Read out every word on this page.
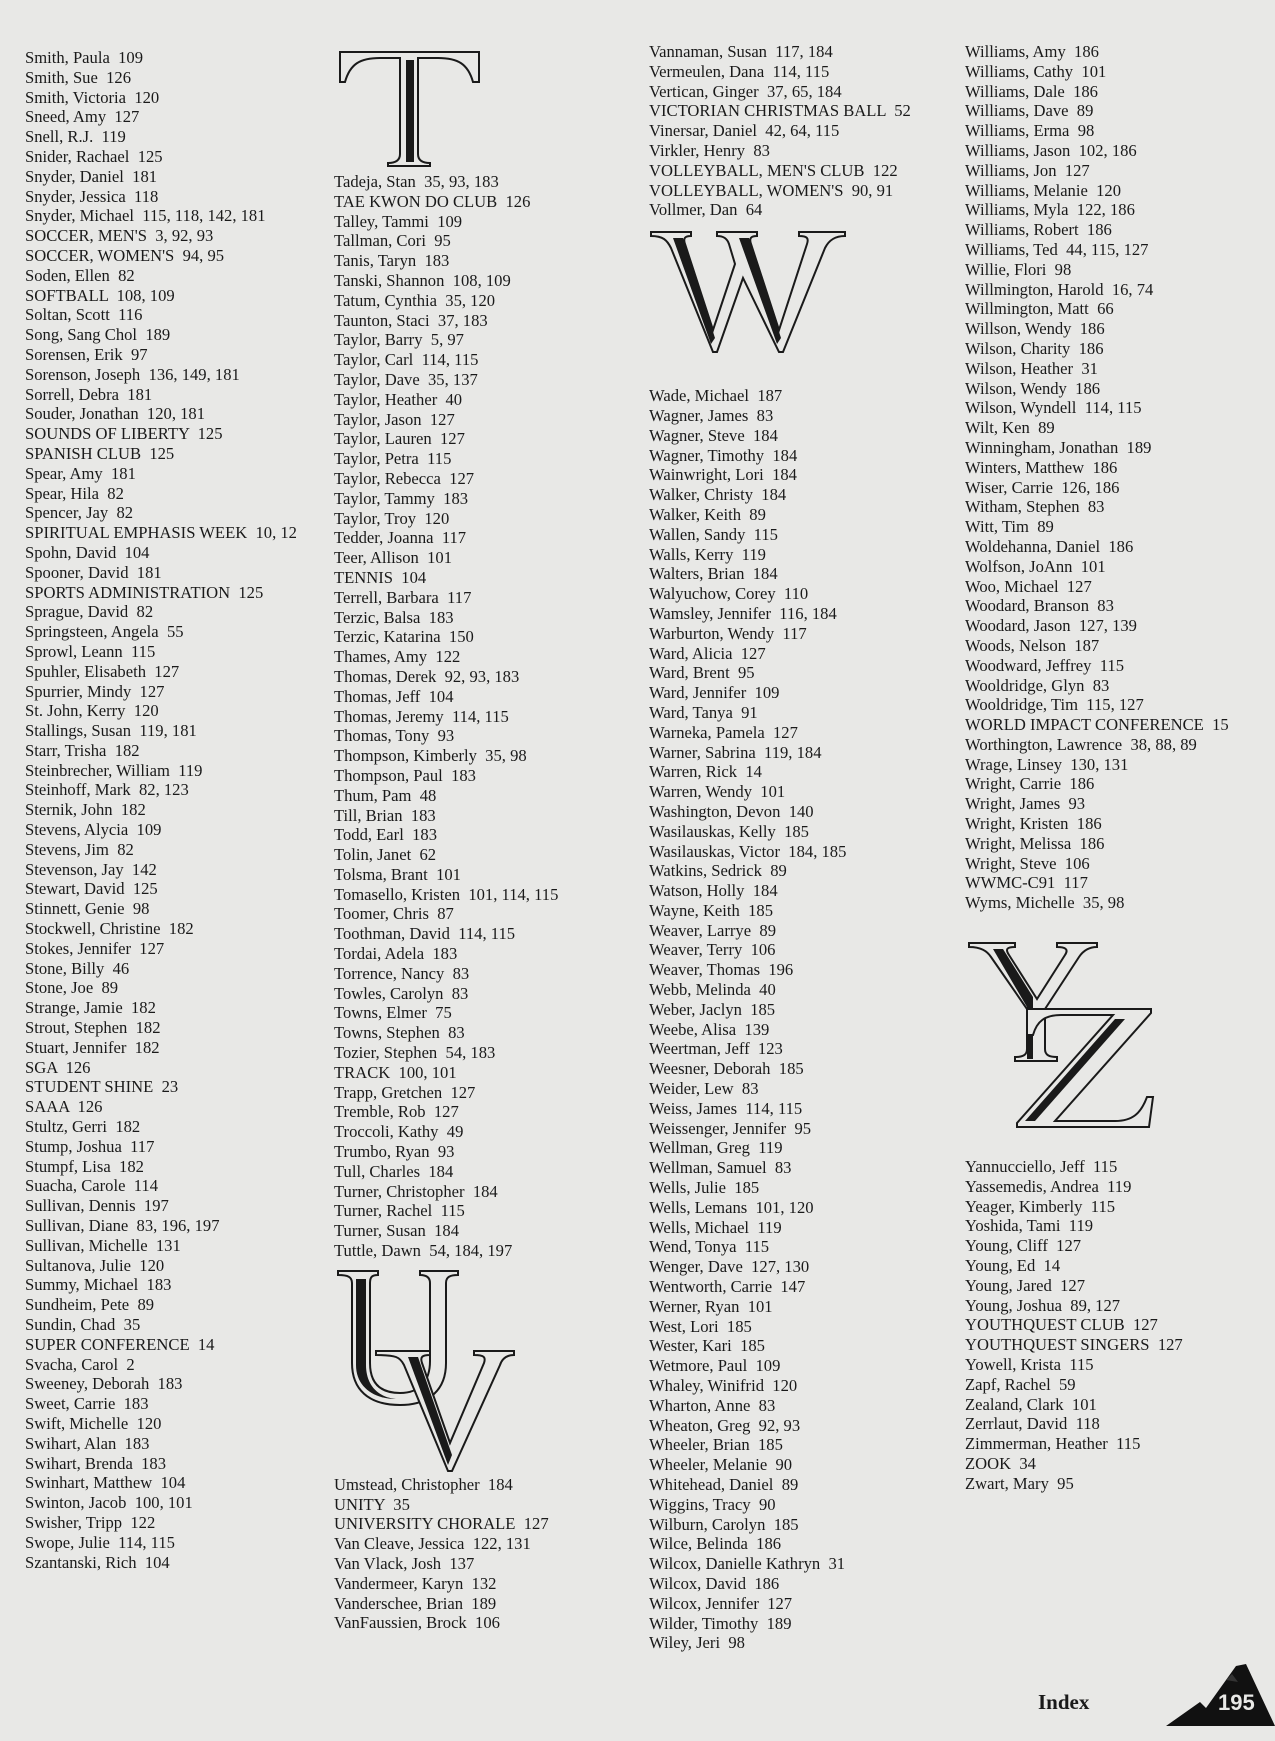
Smith, Paula  109
Smith, Sue  126
Smith, Victoria  120
Sneed, Amy  127
Snell, R.J.  119
Snider, Rachael  125
Snyder, Daniel  181
Snyder, Jessica  118
Snyder, Michael  115, 118, 142, 181
SOCCER, MEN'S  3, 92, 93
SOCCER, WOMEN'S  94, 95
Soden, Ellen  82
SOFTBALL  108, 109
Soltan, Scott  116
Song, Sang Chol  189
Sorensen, Erik  97
Sorenson, Joseph  136, 149, 181
Sorrell, Debra  181
Souder, Jonathan  120, 181
SOUNDS OF LIBERTY  125
SPANISH CLUB  125
Spear, Amy  181
Spear, Hila  82
Spencer, Jay  82
SPIRITUAL EMPHASIS WEEK  10, 12
Spohn, David  104
Spooner, David  181
SPORTS ADMINISTRATION  125
Sprague, David  82
Springsteen, Angela  55
Sprowl, Leann  115
Spuhler, Elisabeth  127
Spurrier, Mindy  127
St. John, Kerry  120
Stallings, Susan  119, 181
Starr, Trisha  182
Steinbrecher, William  119
Steinhoff, Mark  82, 123
Sternik, John  182
Stevens, Alycia  109
Stevens, Jim  82
Stevenson, Jay  142
Stewart, David  125
Stinnett, Genie  98
Stockwell, Christine  182
Stokes, Jennifer  127
Stone, Billy  46
Stone, Joe  89
Strange, Jamie  182
Strout, Stephen  182
Stuart, Jennifer  182
SGA  126
STUDENT SHINE  23
SAAA  126
Stultz, Gerri  182
Stump, Joshua  117
Stumpf, Lisa  182
Suacha, Carole  114
Sullivan, Dennis  197
Sullivan, Diane  83, 196, 197
Sullivan, Michelle  131
Sultanova, Julie  120
Summy, Michael  183
Sundheim, Pete  89
Sundin, Chad  35
SUPER CONFERENCE  14
Svacha, Carol  2
Sweeney, Deborah  183
Sweet, Carrie  183
Swift, Michelle  120
Swihart, Alan  183
Swihart, Brenda  183
Swinhart, Matthew  104
Swinton, Jacob  100, 101
Swisher, Tripp  122
Swope, Julie  114, 115
Szantanski, Rich  104
Tadeja, Stan  35, 93, 183
TAE KWON DO CLUB  126
Talley, Tammi  109
Tallman, Cori  95
Tanis, Taryn  183
Tanski, Shannon  108, 109
Tatum, Cynthia  35, 120
Taunton, Staci  37, 183
Taylor, Barry  5, 97
Taylor, Carl  114, 115
Taylor, Dave  35, 137
Taylor, Heather  40
Taylor, Jason  127
Taylor, Lauren  127
Taylor, Petra  115
Taylor, Rebecca  127
Taylor, Tammy  183
Taylor, Troy  120
Tedder, Joanna  117
Teer, Allison  101
TENNIS  104
Terrell, Barbara  117
Terzic, Balsa  183
Terzic, Katarina  150
Thames, Amy  122
Thomas, Derek  92, 93, 183
Thomas, Jeff  104
Thomas, Jeremy  114, 115
Thomas, Tony  93
Thompson, Kimberly  35, 98
Thompson, Paul  183
Thum, Pam  48
Till, Brian  183
Todd, Earl  183
Tolin, Janet  62
Tolsma, Brant  101
Tomasello, Kristen  101, 114, 115
Toomer, Chris  87
Toothman, David  114, 115
Tordai, Adela  183
Torrence, Nancy  83
Towles, Carolyn  83
Towns, Elmer  75
Towns, Stephen  83
Tozier, Stephen  54, 183
TRACK  100, 101
Trapp, Gretchen  127
Tremble, Rob  127
Troccoli, Kathy  49
Trumbo, Ryan  93
Tull, Charles  184
Turner, Christopher  184
Turner, Rachel  115
Turner, Susan  184
Tuttle, Dawn  54, 184, 197
Umstead, Christopher  184
UNITY  35
UNIVERSITY CHORALE  127
Van Cleave, Jessica  122, 131
Van Vlack, Josh  137
Vandermeer, Karyn  132
Vanderschee, Brian  189
VanFaussien, Brock  106
Vannaman, Susan  117, 184
Vermeulen, Dana  114, 115
Vertican, Ginger  37, 65, 184
VICTORIAN CHRISTMAS BALL  52
Vinersar, Daniel  42, 64, 115
Virkler, Henry  83
VOLLEYBALL, MEN'S CLUB  122
VOLLEYBALL, WOMEN'S  90, 91
Vollmer, Dan  64
Wade, Michael  187
Wagner, James  83
Wagner, Steve  184
Wagner, Timothy  184
Wainwright, Lori  184
Walker, Christy  184
Walker, Keith  89
Wallen, Sandy  115
Walls, Kerry  119
Walters, Brian  184
Walyuchow, Corey  110
Wamsley, Jennifer  116, 184
Warburton, Wendy  117
Ward, Alicia  127
Ward, Brent  95
Ward, Jennifer  109
Ward, Tanya  91
Warneka, Pamela  127
Warner, Sabrina  119, 184
Warren, Rick  14
Warren, Wendy  101
Washington, Devon  140
Wasilauskas, Kelly  185
Wasilauskas, Victor  184, 185
Watkins, Sedrick  89
Watson, Holly  184
Wayne, Keith  185
Weaver, Larrye  89
Weaver, Terry  106
Weaver, Thomas  196
Webb, Melinda  40
Weber, Jaclyn  185
Weebe, Alisa  139
Weertman, Jeff  123
Weesner, Deborah  185
Weider, Lew  83
Weiss, James  114, 115
Weissenger, Jennifer  95
Wellman, Greg  119
Wellman, Samuel  83
Wells, Julie  185
Wells, Lemans  101, 120
Wells, Michael  119
Wend, Tonya  115
Wenger, Dave  127, 130
Wentworth, Carrie  147
Werner, Ryan  101
West, Lori  185
Wester, Kari  185
Wetmore, Paul  109
Whaley, Winifrid  120
Wharton, Anne  83
Wheaton, Greg  92, 93
Wheeler, Brian  185
Wheeler, Melanie  90
Whitehead, Daniel  89
Wiggins, Tracy  90
Wilburn, Carolyn  185
Wilce, Belinda  186
Wilcox, Danielle Kathryn  31
Wilcox, David  186
Wilcox, Jennifer  127
Wilder, Timothy  189
Wiley, Jeri  98
Williams, Amy  186
Williams, Cathy  101
Williams, Dale  186
Williams, Dave  89
Williams, Erma  98
Williams, Jason  102, 186
Williams, Jon  127
Williams, Melanie  120
Williams, Myla  122, 186
Williams, Robert  186
Williams, Ted  44, 115, 127
Willie, Flori  98
Willmington, Harold  16, 74
Willmington, Matt  66
Willson, Wendy  186
Wilson, Charity  186
Wilson, Heather  31
Wilson, Wendy  186
Wilson, Wyndell  114, 115
Wilt, Ken  89
Winningham, Jonathan  189
Winters, Matthew  186
Wiser, Carrie  126, 186
Witham, Stephen  83
Witt, Tim  89
Woldehanna, Daniel  186
Wolfson, JoAnn  101
Woo, Michael  127
Woodard, Branson  83
Woodard, Jason  127, 139
Woods, Nelson  187
Woodward, Jeffrey  115
Wooldridge, Glyn  83
Wooldridge, Tim  115, 127
WORLD IMPACT CONFERENCE  15
Worthington, Lawrence  38, 88, 89
Wrage, Linsey  130, 131
Wright, Carrie  186
Wright, James  93
Wright, Kristen  186
Wright, Melissa  186
Wright, Steve  106
WWMC-C91  117
Wyms, Michelle  35, 98
Yannucciello, Jeff  115
Yassemedis, Andrea  119
Yeager, Kimberly  115
Yoshida, Tami  119
Young, Cliff  127
Young, Ed  14
Young, Jared  127
Young, Joshua  89, 127
YOUTHQUEST CLUB  127
YOUTHQUEST SINGERS  127
Yowell, Krista  115
Zapf, Rachel  59
Zealand, Clark  101
Zerrlaut, David  118
Zimmerman, Heather  115
ZOOK  34
Zwart, Mary  95
Index	195
